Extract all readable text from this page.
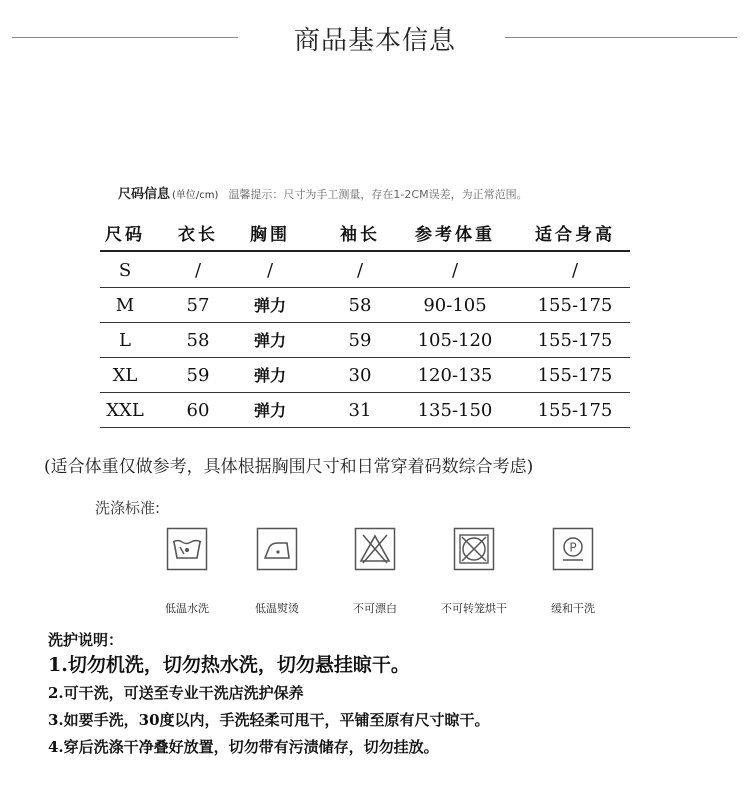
商品基本信息
尺码信息 (单位/cm) 温馨提示：尺寸为手工测量，存在1-2CM误差，为正常范围。
尺码	衣长	胸围	袖长	参考体重	适合身高
S	/	/	/	/	/
M	57	弹力	58	90-105	155-175
L	58	弹力	59	105-120	155-175
XL	59	弹力	30	120-135	155-175
XXL	60	弹力	31	135-150	155-175
(适合体重仅做参考，具体根据胸围尺寸和日常穿着码数综合考虑)
洗涤标准:
P
低温水洗	低温熨烫	不可漂白	不可转笼烘干	缓和干洗
洗护说明：
1.切勿机洗，切勿热水洗，切勿悬挂晾干。
2.可干洗，可送至专业干洗店洗护保养
3.如要手洗，30度以内，手洗轻柔可甩干，平铺至原有尺寸晾干。
4.穿后洗涤干净叠好放置，切勿带有污渍储存，切勿挂放。
